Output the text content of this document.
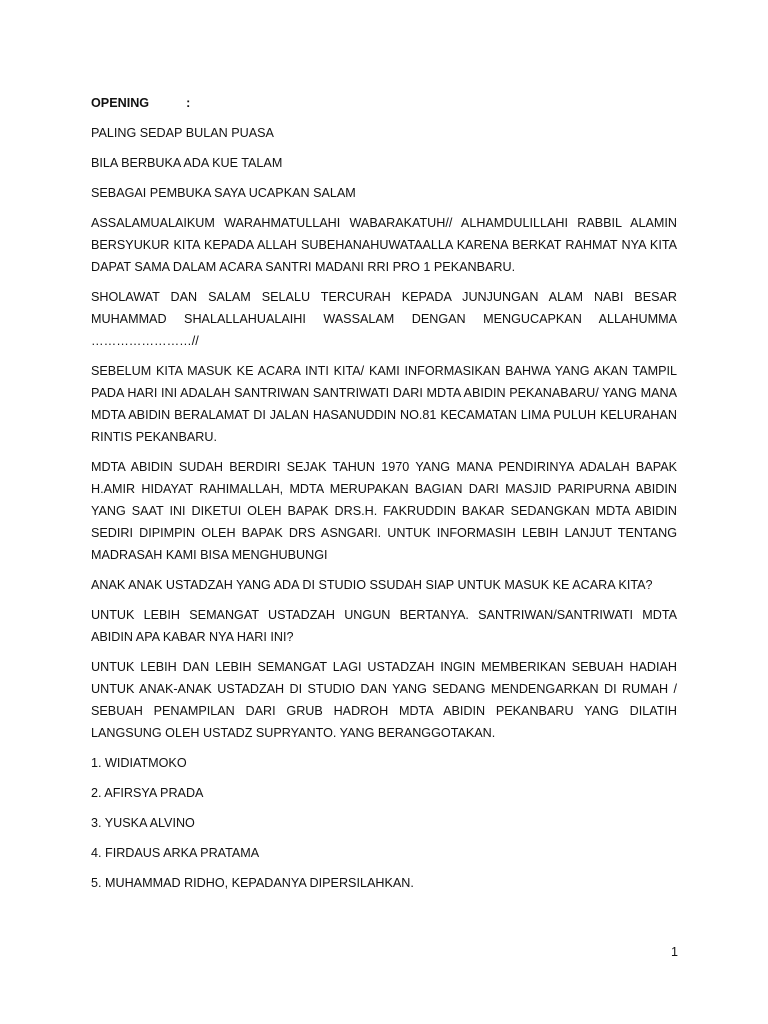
OPENING	:

PALING SEDAP BULAN PUASA

BILA BERBUKA ADA KUE TALAM

SEBAGAI PEMBUKA SAYA UCAPKAN SALAM

ASSALAMUALAIKUM WARAHMATULLAHI WABARAKATUH// ALHAMDULILLAHI RABBIL ALAMIN BERSYUKUR KITA KEPADA ALLAH SUBEHANAHUWATAALLA KARENA BERKAT RAHMAT NYA KITA DAPAT SAMA DALAM ACARA SANTRI MADANI RRI PRO 1 PEKANBARU.

SHOLAWAT DAN SALAM SELALU TERCURAH KEPADA JUNJUNGAN ALAM NABI BESAR MUHAMMAD SHALALLAHUALAIHI WASSALAM DENGAN MENGUCAPKAN ALLAHUMMA ……………………//

SEBELUM KITA MASUK KE ACARA INTI KITA/ KAMI INFORMASIKAN BAHWA YANG AKAN TAMPIL PADA HARI INI ADALAH SANTRIWAN SANTRIWATI DARI MDTA ABIDIN PEKANABARU/ YANG MANA MDTA ABIDIN BERALAMAT DI JALAN HASANUDDIN NO.81 KECAMATAN LIMA PULUH KELURAHAN RINTIS PEKANBARU.

MDTA ABIDIN SUDAH BERDIRI SEJAK TAHUN 1970 YANG MANA PENDIRINYA ADALAH BAPAK H.AMIR HIDAYAT RAHIMALLAH, MDTA MERUPAKAN BAGIAN DARI MASJID PARIPURNA ABIDIN YANG SAAT INI DIKETUI OLEH BAPAK DRS.H. FAKRUDDIN BAKAR SEDANGKAN MDTA ABIDIN SEDIRI DIPIMPIN OLEH BAPAK DRS ASNGARI. UNTUK INFORMASIH LEBIH LANJUT TENTANG MADRASAH KAMI BISA MENGHUBUNGI

ANAK ANAK USTADZAH YANG ADA DI STUDIO SSUDAH SIAP UNTUK MASUK KE ACARA KITA?

UNTUK LEBIH SEMANGAT USTADZAH UNGUN BERTANYA. SANTRIWAN/SANTRIWATI MDTA ABIDIN APA KABAR NYA HARI INI?

UNTUK LEBIH DAN LEBIH SEMANGAT LAGI USTADZAH INGIN MEMBERIKAN SEBUAH HADIAH UNTUK ANAK-ANAK USTADZAH DI STUDIO DAN YANG SEDANG MENDENGARKAN DI RUMAH / SEBUAH PENAMPILAN DARI GRUB HADROH MDTA ABIDIN PEKANBARU YANG DILATIH LANGSUNG OLEH USTADZ SUPRYANTO. YANG BERANGGOTAKAN.

1. WIDIATMOKO
2. AFIRSYA PRADA
3. YUSKA ALVINO
4. FIRDAUS ARKA PRATAMA
5. MUHAMMAD RIDHO, KEPADANYA DIPERSILAHKAN.
1
